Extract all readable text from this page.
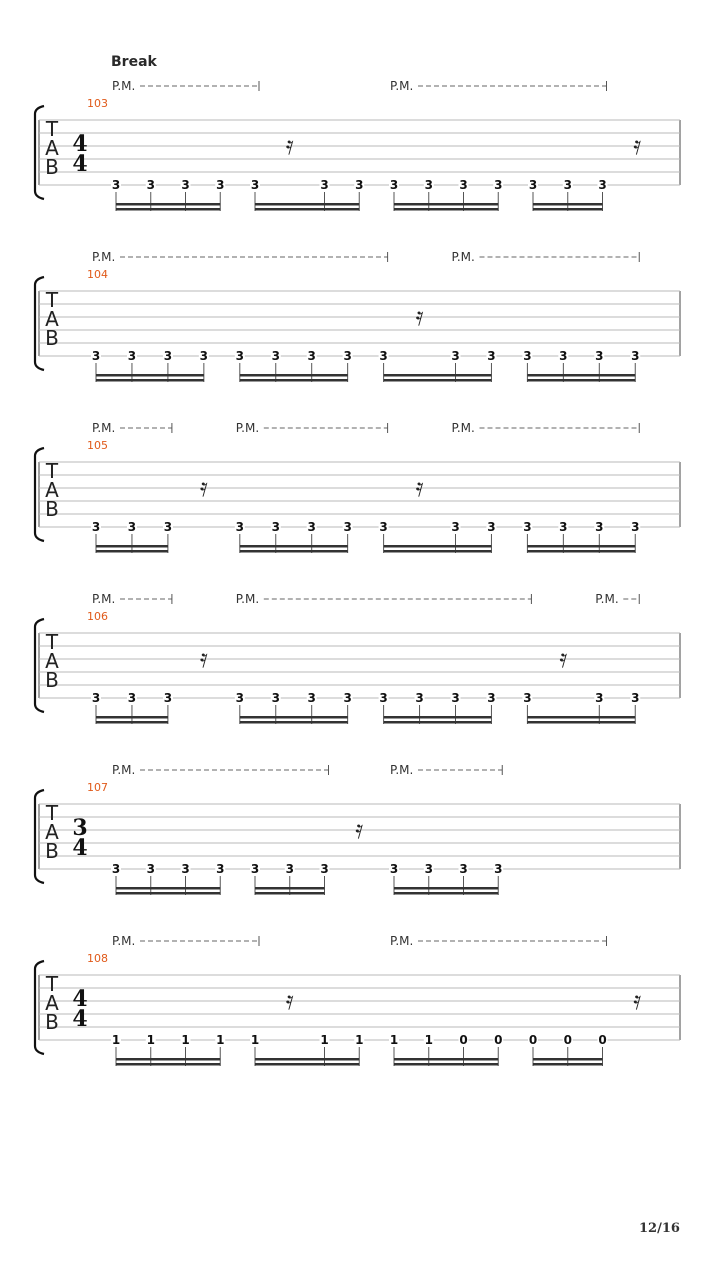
Break
T
A
B
103
4
4
P.M.	P.M.
3 3 3 3 3	3 3 3 3 3 3 3 3 3
𝄿	𝄿
T
A
B
104
P.M.	P.M.
3 3 3 3 3 3 3 3 3	3 3 3 3 3 3
𝄿
T
A
B
105
P.M.	P.M.	P.M.
3 3 3	3 3 3 3 3	3 3 3 3 3 3
𝄿	𝄿
T
A
B
106
P.M.	P.M.	P.M.
3 3 3	3 3 3 3 3 3 3 3 3	3 3
𝄿	𝄿
T
A
B
107
3
4
P.M.	P.M.
3 3 3 3 3 3 3	3 3 3 3
𝄿
T
A
B
108
4
4
P.M.	P.M.
1 1 1 1 1	1 1 1 1 0 0 0 0 0
𝄿	𝄿
12/16
